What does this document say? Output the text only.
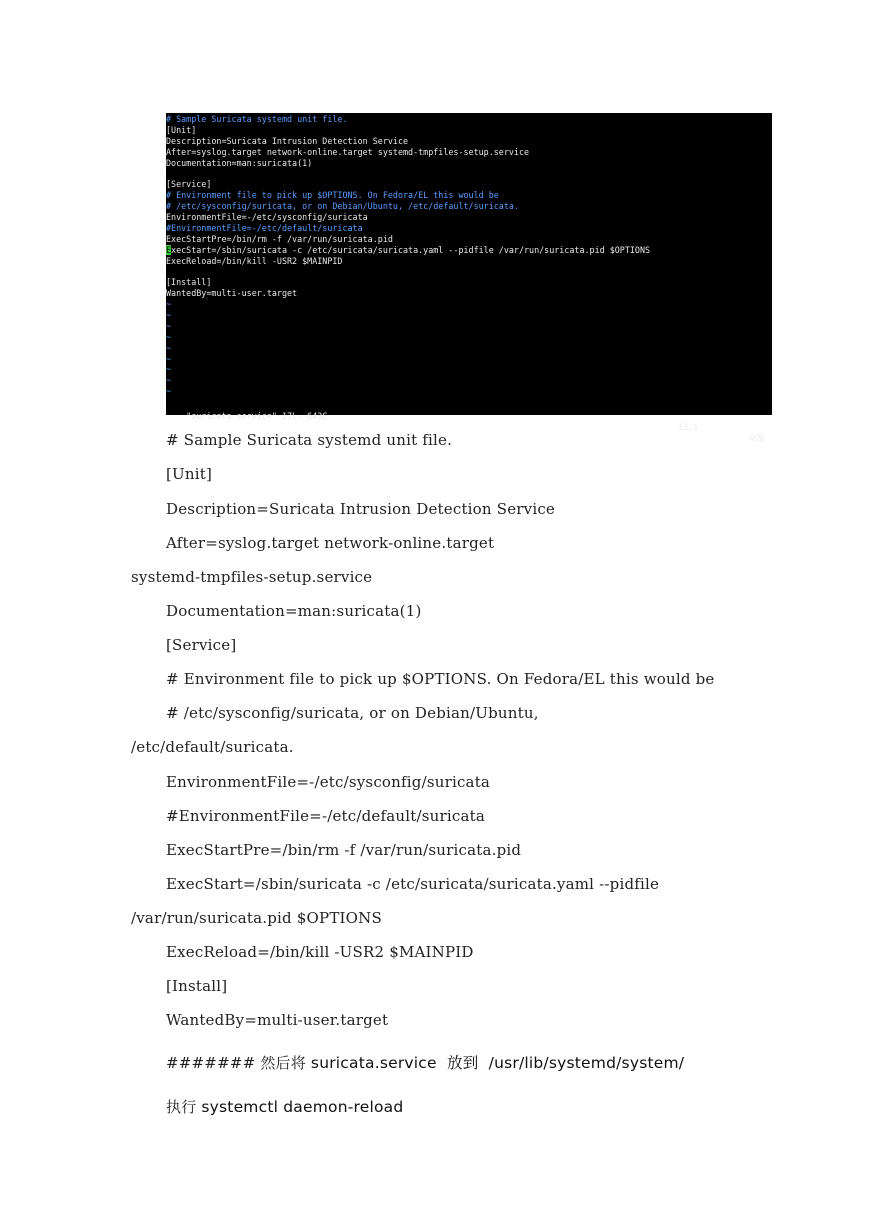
# Sample Suricata systemd unit file.
[Unit]
Description=Suricata Intrusion Detection Service
After=syslog.target network-online.target systemd-tmpfiles-setup.service
Documentation=man:suricata(1)
[Service]
# Environment file to pick up $OPTIONS. On Fedora/EL this would be
# /etc/sysconfig/suricata, or on Debian/Ubuntu, /etc/default/suricata.
EnvironmentFile=-/etc/sysconfig/suricata
#EnvironmentFile=-/etc/default/suricata
ExecStartPre=/bin/rm -f /var/run/suricata.pid
ExecStart=/sbin/suricata -c /etc/suricata/suricata.yaml --pidfile /var/run/suricata.pid $OPTIONS
ExecReload=/bin/kill -USR2 $MAINPID
[Install]
WantedBy=multi-user.target
~
~
~
~
~
~
~
~
~

"suricata.service" 17L, 643C

13,1

全部

# Sample Suricata systemd unit file.
[Unit]
Description=Suricata Intrusion Detection Service
After=syslog.target network-online.target
systemd-tmpfiles-setup.service
Documentation=man:suricata(1)
[Service]
# Environment file to pick up $OPTIONS. On Fedora/EL this would be
# /etc/sysconfig/suricata, or on Debian/Ubuntu,
/etc/default/suricata.
EnvironmentFile=-/etc/sysconfig/suricata
#EnvironmentFile=-/etc/default/suricata
ExecStartPre=/bin/rm -f /var/run/suricata.pid
ExecStart=/sbin/suricata -c /etc/suricata/suricata.yaml --pidfile
/var/run/suricata.pid $OPTIONS
ExecReload=/bin/kill -USR2 $MAINPID
[Install]
WantedBy=multi-user.target
####### 然后将 suricata.service  放到  /usr/lib/systemd/system/
执行 systemctl daemon-reload
